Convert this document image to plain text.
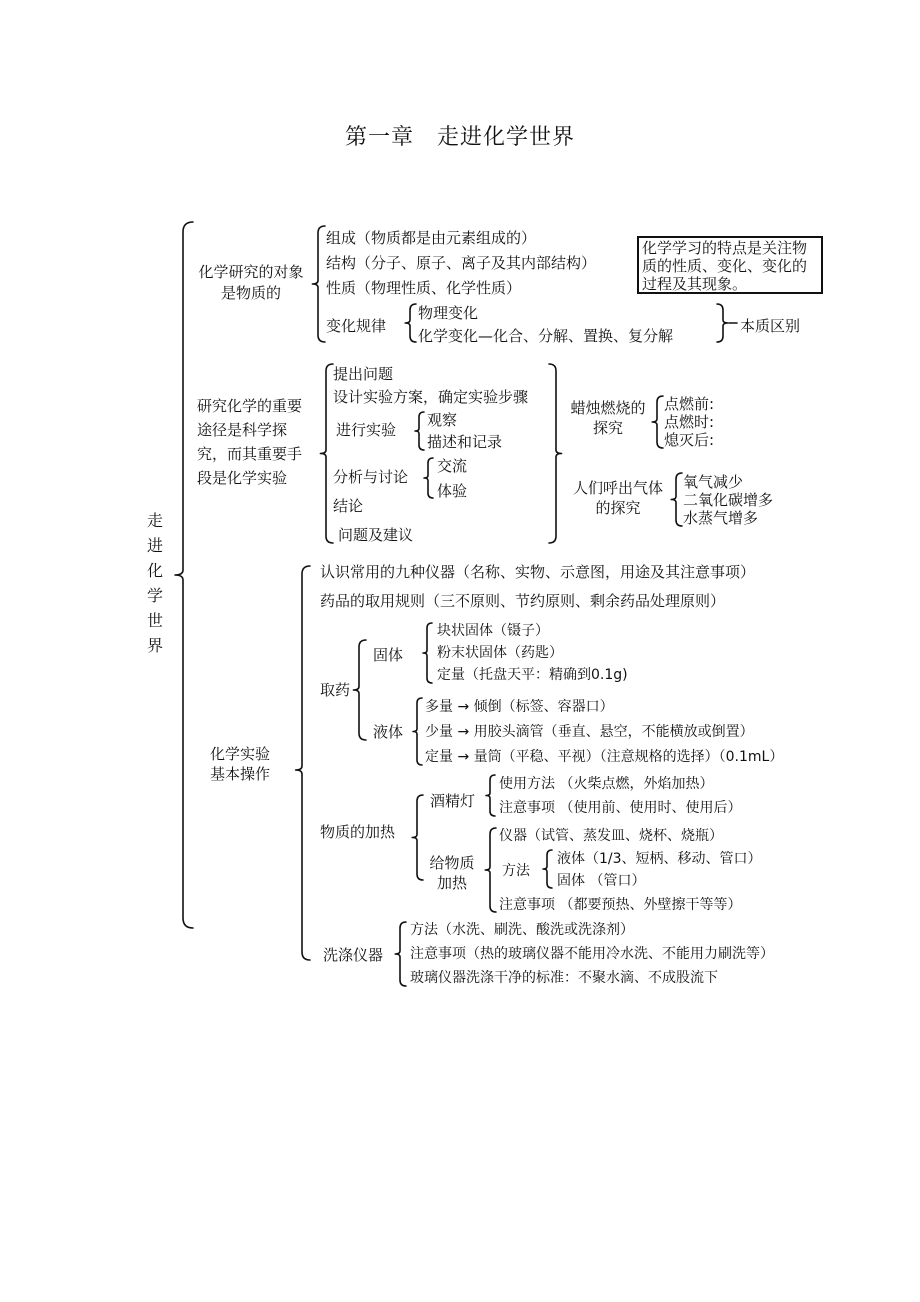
第一章　走进化学世界
走进化学世界
化学研究的对象是物质的
组成（物质都是由元素组成的）
结构（分子、原子、离子及其内部结构）
性质（物理性质、化学性质）
变化规律
物理变化
化学变化—化合、分解、置换、复分解
本质区别
化学学习的特点是关注物质的性质、变化、变化的过程及其现象。
研究化学的重要途径是科学探究，而其重要手段是化学实验
提出问题
设计实验方案，确定实验步骤
进行实验
观察
描述和记录
分析与讨论
交流
体验
结论
问题及建议
蜡烛燃烧的探究
点燃前:
点燃时:
熄灭后:
人们呼出气体的探究
氧气减少
二氧化碳增多
水蒸气增多
化学实验基本操作
认识常用的九种仪器（名称、实物、示意图，用途及其注意事项）
药品的取用规则（三不原则、节约原则、剩余药品处理原则）
取药
固体
块状固体（镊子）
粉末状固体（药匙）
定量（托盘天平：精确到0.1g)
液体
多量 → 倾倒（标签、容器口）
少量 → 用胶头滴管（垂直、悬空，不能横放或倒置）
定量 → 量筒（平稳、平视）（注意规格的选择）（0.1mL）
物质的加热
酒精灯
使用方法 （火柴点燃，外焰加热）
注意事项 （使用前、使用时、使用后）
给物质加热
仪器（试管、蒸发皿、烧杯、烧瓶）
方法
液体（1/3、短柄、移动、管口）
固体 （管口）
注意事项 （都要预热、外壁擦干等等）
洗涤仪器
方法（水洗、刷洗、酸洗或洗涤剂）
注意事项（热的玻璃仪器不能用冷水洗、不能用力刷洗等）
玻璃仪器洗涤干净的标准：不聚水滴、不成股流下
